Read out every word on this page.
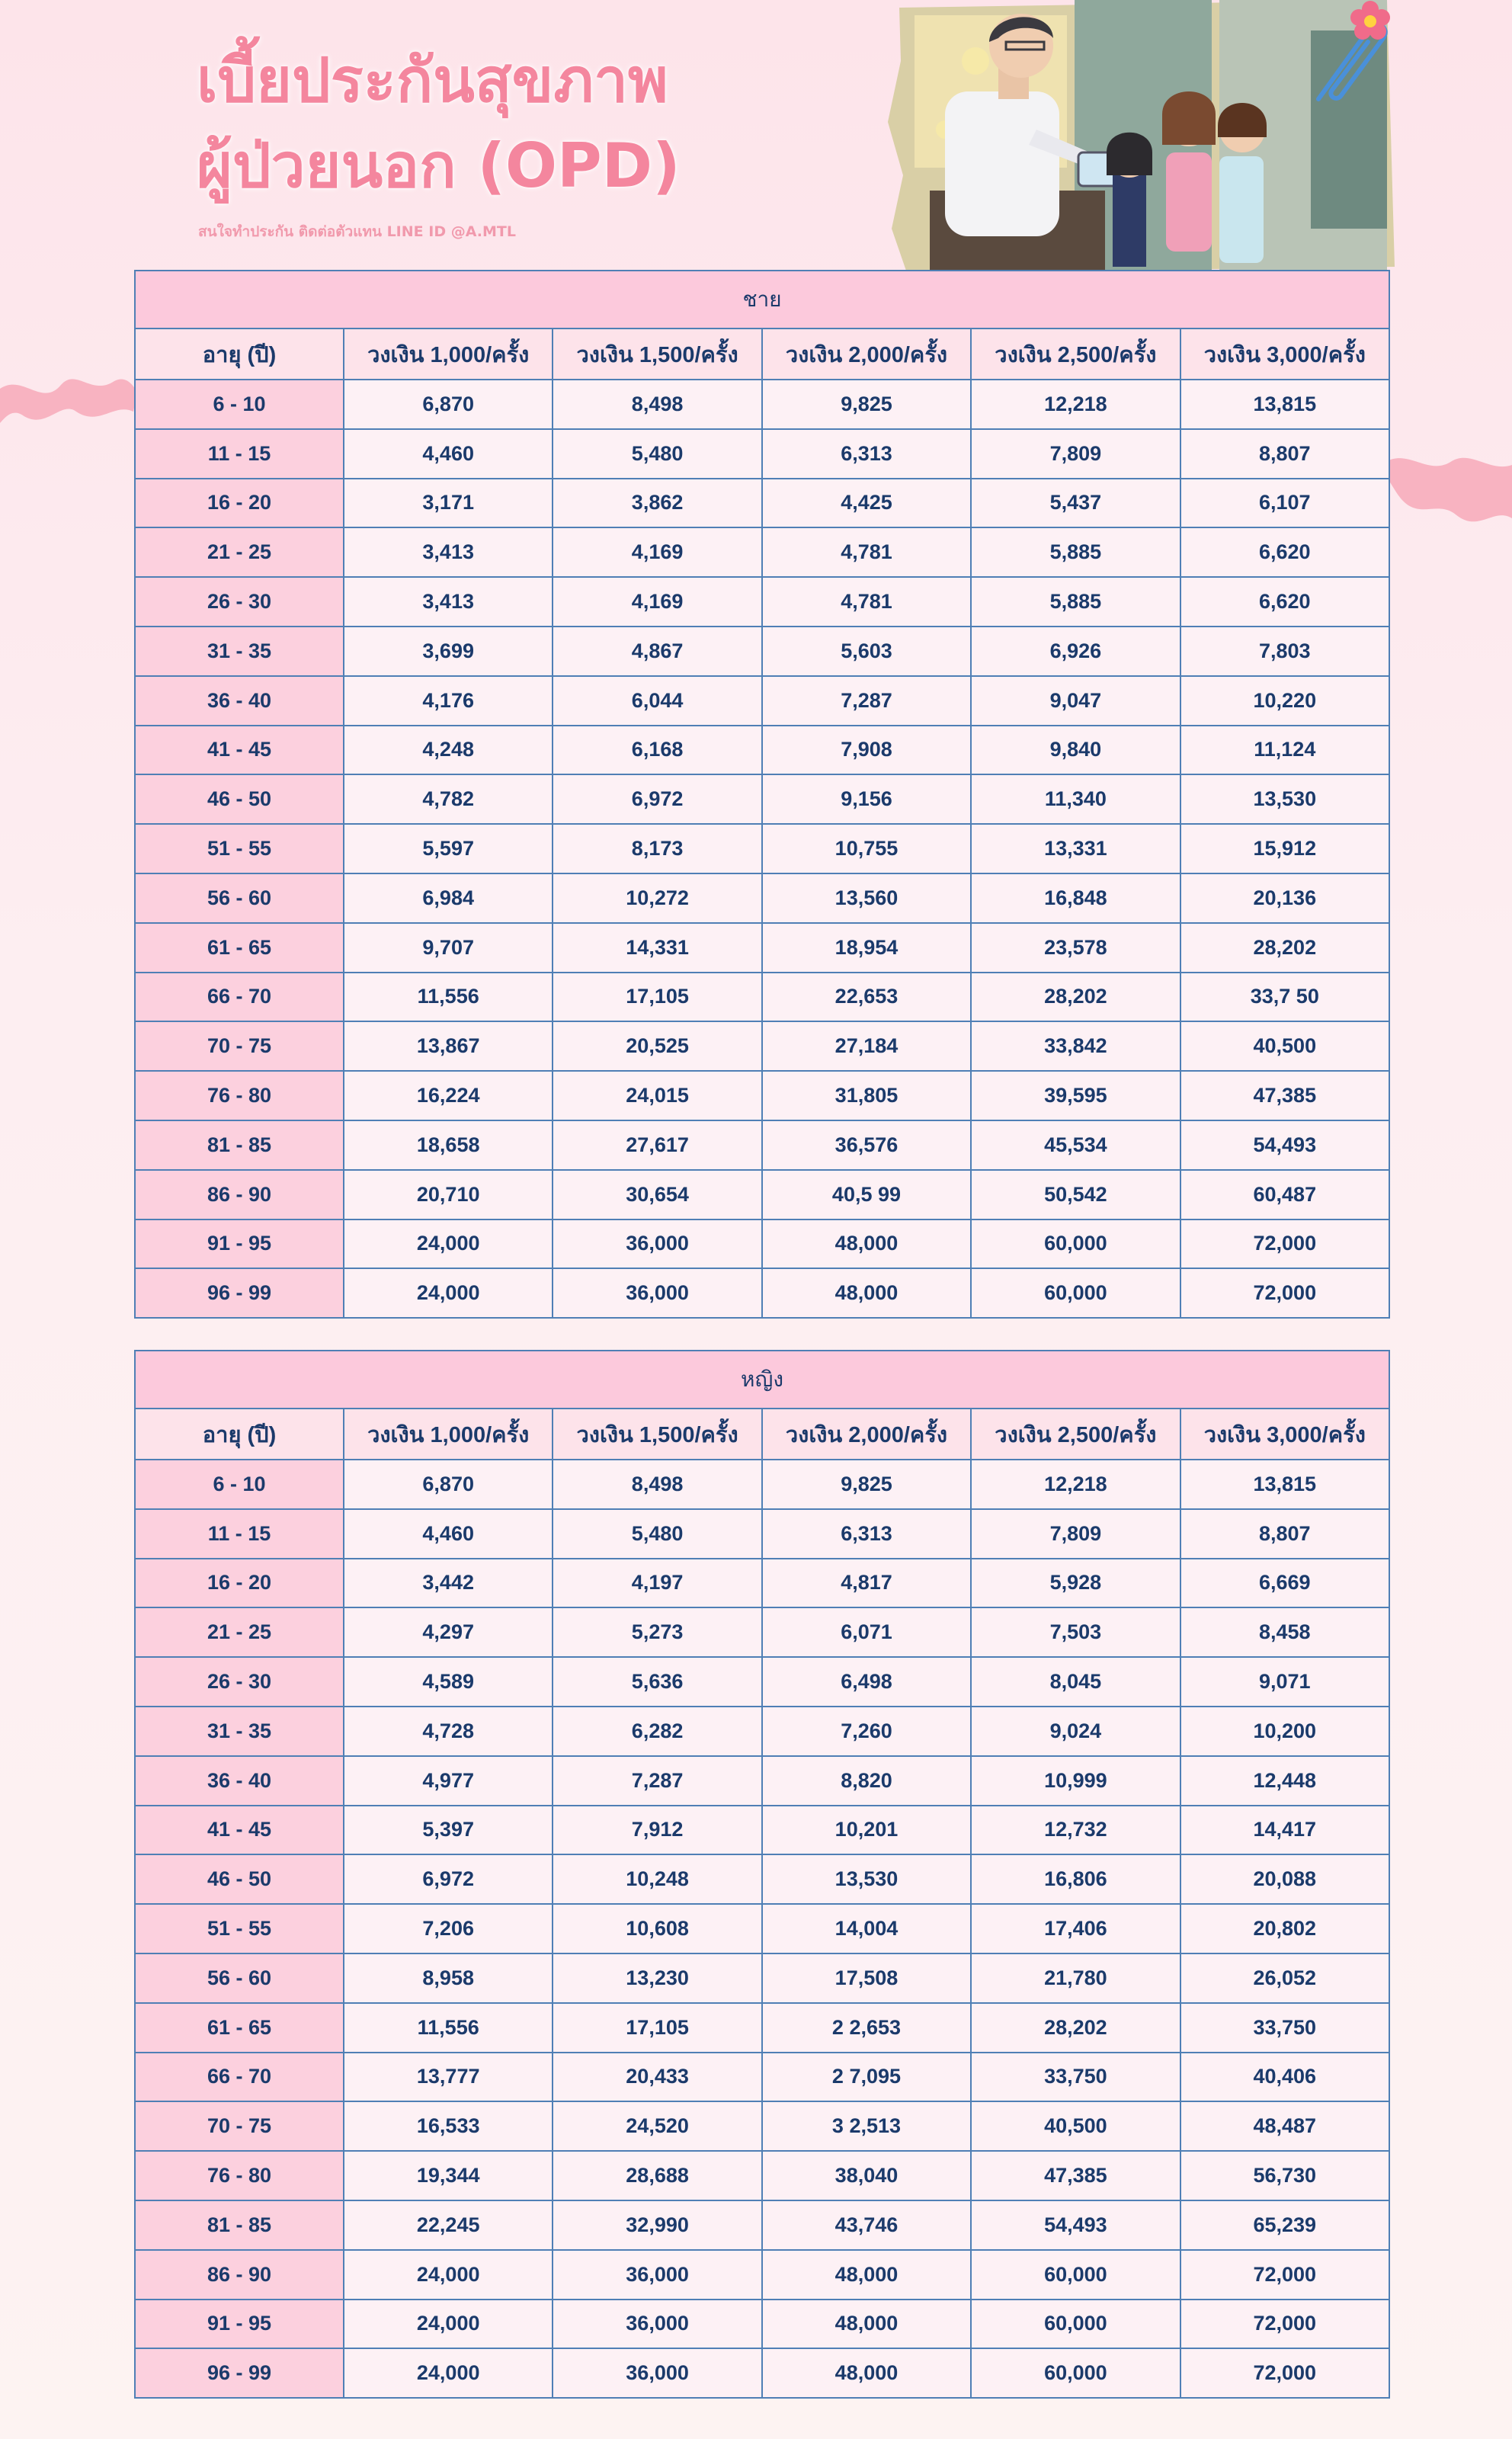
เบี้ยประกันสุขภาพ
ผู้ป่วยนอก (OPD)
สนใจทำประกัน ติดต่อตัวแทน LINE ID @A.MTL
ชาย					
อายุ (ปี)	วงเงิน 1,000/ครั้ง	วงเงิน 1,500/ครั้ง	วงเงิน 2,000/ครั้ง	วงเงิน 2,500/ครั้ง	วงเงิน 3,000/ครั้ง
6 - 10	6,870	8,498	9,825	12,218	13,815
11 - 15	4,460	5,480	6,313	7,809	8,807
16 - 20	3,171	3,862	4,425	5,437	6,107
21 - 25	3,413	4,169	4,781	5,885	6,620
26 - 30	3,413	4,169	4,781	5,885	6,620
31 - 35	3,699	4,867	5,603	6,926	7,803
36 - 40	4,176	6,044	7,287	9,047	10,220
41 - 45	4,248	6,168	7,908	9,840	11,124
46 - 50	4,782	6,972	9,156	11,340	13,530
51 - 55	5,597	8,173	10,755	13,331	15,912
56 - 60	6,984	10,272	13,560	16,848	20,136
61 - 65	9,707	14,331	18,954	23,578	28,202
66 - 70	11,556	17,105	22,653	28,202	33,7 50
70 - 75	13,867	20,525	27,184	33,842	40,500
76 - 80	16,224	24,015	31,805	39,595	47,385
81 - 85	18,658	27,617	36,576	45,534	54,493
86 - 90	20,710	30,654	40,5 99	50,542	60,487
91 - 95	24,000	36,000	48,000	60,000	72,000
96 - 99	24,000	36,000	48,000	60,000	72,000
หญิง					
อายุ (ปี)	วงเงิน 1,000/ครั้ง	วงเงิน 1,500/ครั้ง	วงเงิน 2,000/ครั้ง	วงเงิน 2,500/ครั้ง	วงเงิน 3,000/ครั้ง
6 - 10	6,870	8,498	9,825	12,218	13,815
11 - 15	4,460	5,480	6,313	7,809	8,807
16 - 20	3,442	4,197	4,817	5,928	6,669
21 - 25	4,297	5,273	6,071	7,503	8,458
26 - 30	4,589	5,636	6,498	8,045	9,071
31 - 35	4,728	6,282	7,260	9,024	10,200
36 - 40	4,977	7,287	8,820	10,999	12,448
41 - 45	5,397	7,912	10,201	12,732	14,417
46 - 50	6,972	10,248	13,530	16,806	20,088
51 - 55	7,206	10,608	14,004	17,406	20,802
56 - 60	8,958	13,230	17,508	21,780	26,052
61 - 65	11,556	17,105	2 2,653	28,202	33,750
66 - 70	13,777	20,433	2 7,095	33,750	40,406
70 - 75	16,533	24,520	3 2,513	40,500	48,487
76 - 80	19,344	28,688	38,040	47,385	56,730
81 - 85	22,245	32,990	43,746	54,493	65,239
86 - 90	24,000	36,000	48,000	60,000	72,000
91 - 95	24,000	36,000	48,000	60,000	72,000
96 - 99	24,000	36,000	48,000	60,000	72,000
